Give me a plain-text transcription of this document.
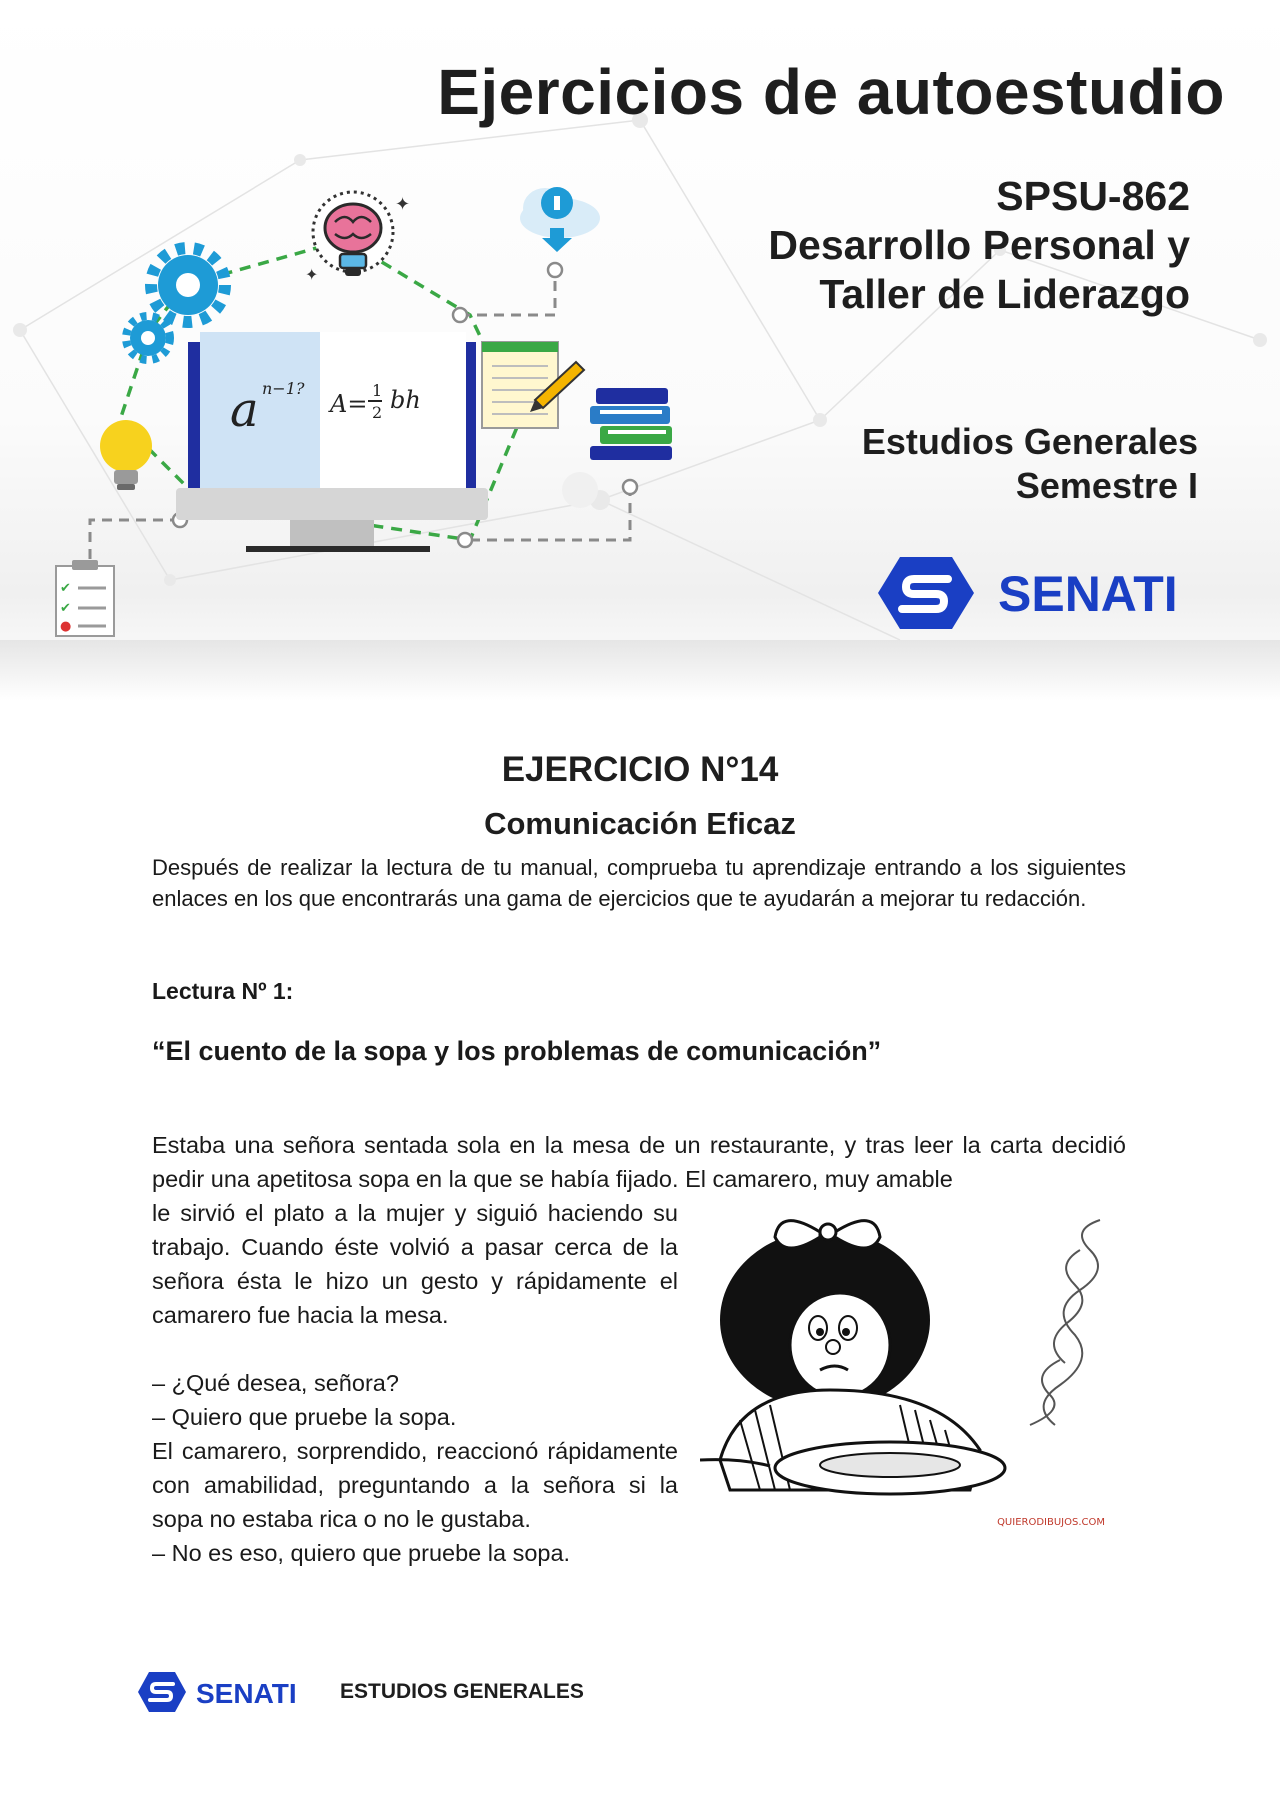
✦
✦
a n−1?
A= 1
2 bh
✔
✔
●
Ejercicios de autoestudio
SPSU-862
Desarrollo Personal y
Taller de Liderazgo
Estudios Generales
Semestre I
SENATI
EJERCICIO N°14
Comunicación Eficaz
Después de realizar la lectura de tu manual, comprueba tu aprendizaje entrando a los siguientes enlaces en los que encontrarás una gama de ejercicios que te ayudarán a mejorar tu redacción.
Lectura Nº 1:
“El cuento de la sopa y los problemas de comunicación”
Estaba una señora sentada sola en la mesa de un restaurante, y tras leer la carta decidió pedir una apetitosa sopa en la que se había fijado. El camarero, muy amable

le sirvió el plato a la mujer y siguió haciendo su trabajo. Cuando éste volvió a pasar cerca de la señora ésta le hizo un gesto y rápidamente el camarero fue hacia la mesa.

– ¿Qué desea, señora?
– Quiero que pruebe la sopa.
El camarero, sorprendido, reaccionó rápidamente con amabilidad, preguntando a la señora si la sopa no estaba rica o no le gustaba.
– No es eso, quiero que pruebe la sopa.
QUIERODIBUJOS.COM
SENATI ESTUDIOS GENERALES
